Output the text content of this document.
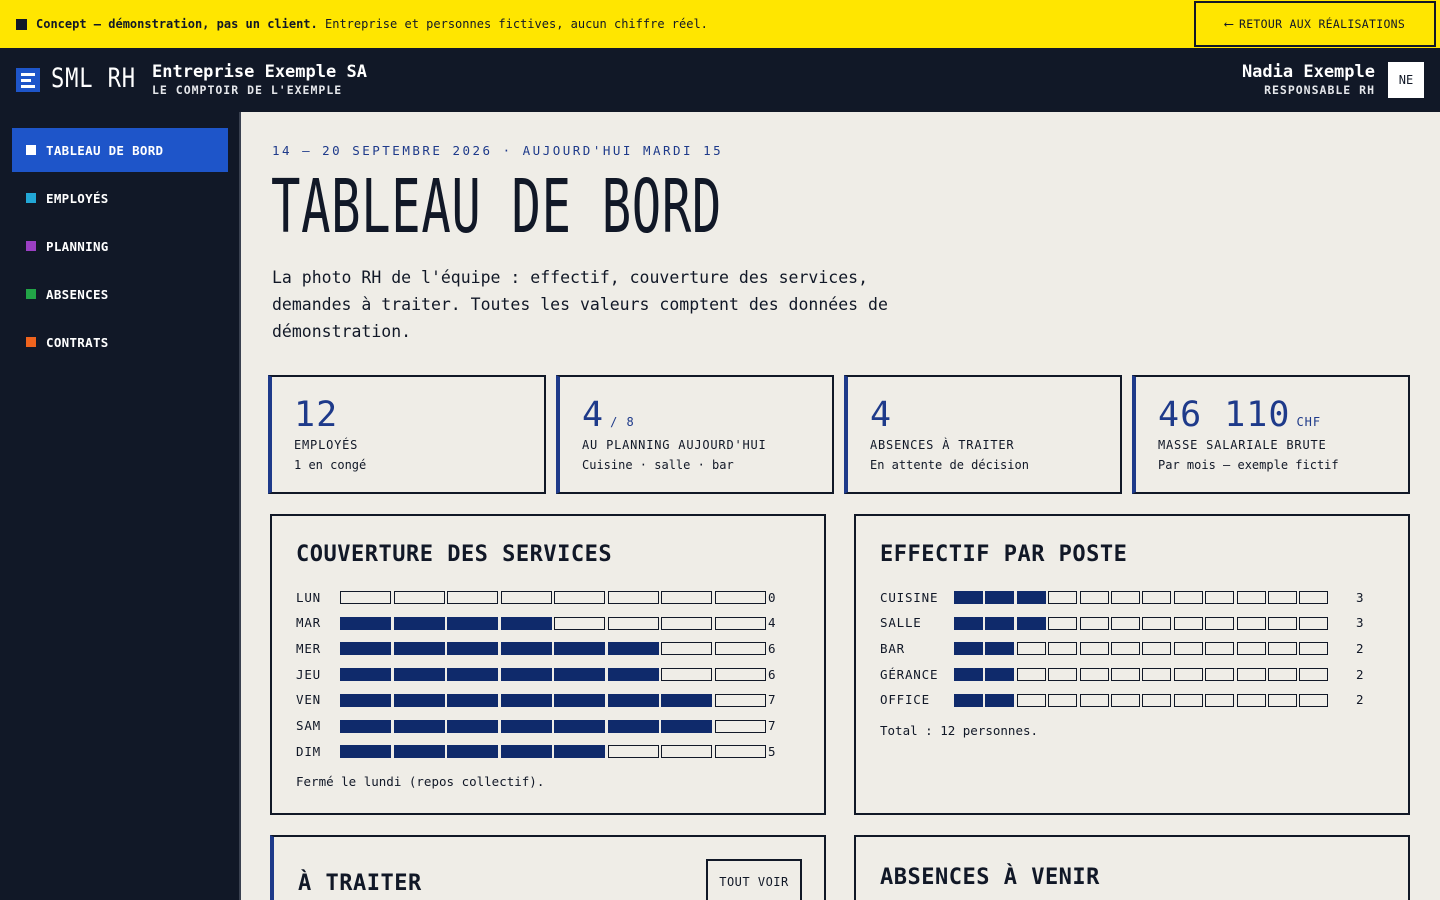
Concept – démonstration, pas un client. Entreprise et personnes fictives, aucun chiffre réel.	⟵ RETOUR AUX RÉALISATIONS
SML RH Entreprise Exemple SA
LE COMPTOIR DE L'EXEMPLE
Nadia Exemple
RESPONSABLE RH
NE
TABLEAU DE BORD
EMPLOYÉS
PLANNING
ABSENCES
CONTRATS
14 – 20 SEPTEMBRE 2026 · AUJOURD'HUI MARDI 15
TABLEAU DE BORD

La photo RH de l'équipe : effectif, couverture des services, demandes à traiter. Toutes les valeurs comptent des données de démonstration.

12
EMPLOYÉS
1 en congé
4 / 8
AU PLANNING AUJOURD'HUI
Cuisine · salle · bar
4
ABSENCES À TRAITER
En attente de décision
46 110 CHF
MASSE SALARIALE BRUTE
Par mois – exemple fictif
COUVERTURE DES SERVICES
LUN	0
MAR	4
MER	6
JEU	6
VEN	7
SAM	7
DIM	5
Fermé le lundi (repos collectif).
EFFECTIF PAR POSTE
CUISINE	3
SALLE	3
BAR	2
GÉRANCE	2
OFFICE	2
Total : 12 personnes.
À TRAITER	TOUT VOIR	ABSENCES À VENIR
